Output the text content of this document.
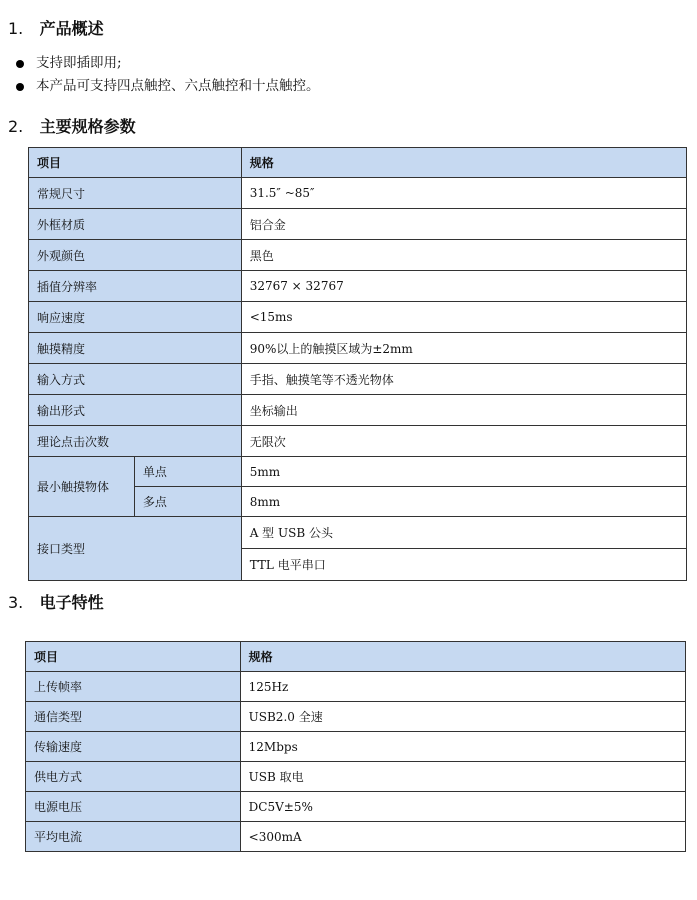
1. 产品概述
支持即插即用;
本产品可支持四点触控、六点触控和十点触控。
2. 主要规格参数
项目		规格
常规尺寸		31.5″ ~85″
外框材质		铝合金
外观颜色		黑色
插值分辨率		32767 × 32767
响应速度		<15ms
触摸精度		90%以上的触摸区域为±2mm
输入方式		手指、触摸笔等不透光物体
输出形式		坐标输出
理论点击次数		无限次
最小触摸物体	单点	5mm
	多点	8mm
接口类型		A 型 USB 公头
		TTL 电平串口
3. 电子特性
项目	规格
上传帧率	125Hz
通信类型	USB2.0 全速
传输速度	12Mbps
供电方式	USB 取电
电源电压	DC5V±5%
平均电流	<300mA
